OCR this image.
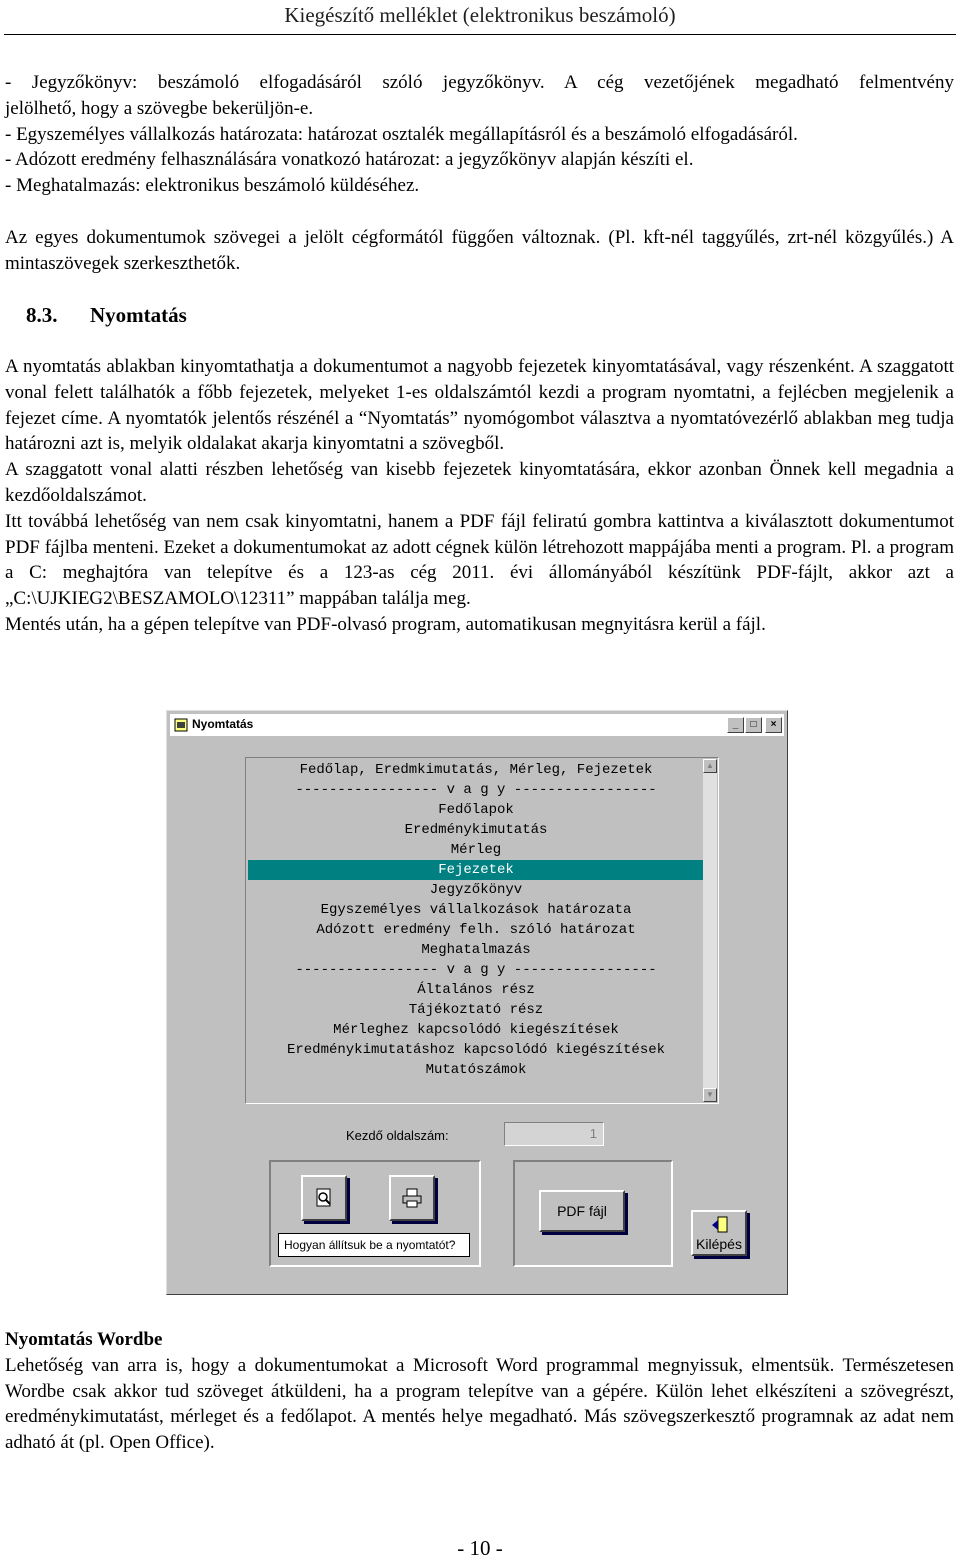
Kiegészítő melléklet (elektronikus beszámoló)
- Jegyzőkönyv: beszámoló elfogadásáról szóló jegyzőkönyv. A cég vezetőjének megadható felmentvény
jelölhető, hogy a szövegbe bekerüljön-e.
- Egyszemélyes vállalkozás határozata: határozat osztalék megállapításról és a beszámoló elfogadásáról.
- Adózott eredmény felhasználására vonatkozó határozat: a jegyzőkönyv alapján készíti el.
- Meghatalmazás: elektronikus beszámoló küldéséhez.
Az egyes dokumentumok szövegei a jelölt cégformától függően változnak. (Pl. kft-nél taggyűlés, zrt-nél közgyűlés.) A mintaszövegek szerkeszthetők.
8.3. Nyomtatás
A nyomtatás ablakban kinyomtathatja a dokumentumot a nagyobb fejezetek kinyomtatásával, vagy részenként. A szaggatott vonal felett találhatók a főbb fejezetek, melyeket 1-es oldalszámtól kezdi a program nyomtatni, a fejlécben megjelenik a fejezet címe. A nyomtatók jelentős részénél a “Nyomtatás” nyomógombot választva a nyomtatóvezérlő ablakban meg tudja határozni azt is, melyik oldalakat akarja kinyomtatni a szövegből.
A szaggatott vonal alatti részben lehetőség van kisebb fejezetek kinyomtatására, ekkor azonban Önnek kell megadnia a kezdőoldalszámot.
Itt továbbá lehetőség van nem csak kinyomtatni, hanem a PDF fájl feliratú gombra kattintva a kiválasztott dokumentumot PDF fájlba menteni. Ezeket a dokumentumokat az adott cégnek külön létrehozott mappájába menti a program. Pl. a program a C: meghajtóra van telepítve és a 123-as cég 2011. évi állományából készítünk PDF-fájlt, akkor azt a „C:\UJKIEG2\BESZAMOLO\12311” mappában találja meg.
Mentés után, ha a gépen telepítve van PDF-olvasó program, automatikusan megnyitásra kerül a fájl.
Nyomtatás	_	□	×
Fedőlap, Eredmkimutatás, Mérleg, Fejezetek
----------------- v a g y -----------------
Fedőlapok
Eredménykimutatás
Mérleg
Fejezetek
Jegyzőkönyv
Egyszemélyes vállalkozások határozata
Adózott eredmény felh. szóló határozat
Meghatalmazás
----------------- v a g y -----------------
Általános rész
Tájékoztató rész
Mérleghez kapcsolódó kiegészítések
Eredménykimutatáshoz kapcsolódó kiegészítések
Mutatószámok
▲
▼
Kezdő oldalszám:	1
Hogyan állítsuk be a nyomtatót?
PDF fájl
Kilépés
Nyomtatás Wordbe
Lehetőség van arra is, hogy a dokumentumokat a Microsoft Word programmal megnyissuk, elmentsük. Természetesen Wordbe csak akkor tud szöveget átküldeni, ha a program telepítve van a gépére. Külön lehet elkészíteni a szövegrészt, eredménykimutatást, mérleget és a fedőlapot. A mentés helye megadható. Más szövegszerkesztő programnak az adat nem adható át (pl. Open Office).
- 10 -
